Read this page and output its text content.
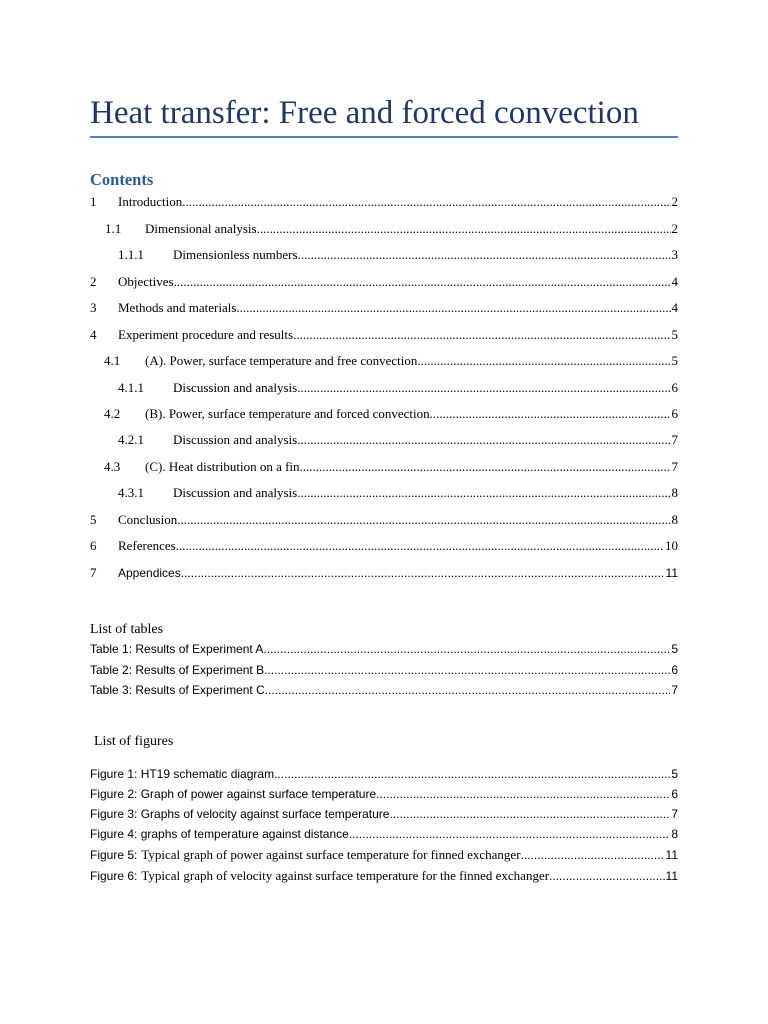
Heat transfer: Free and forced convection
Contents
1	Introduction .....	2
1.1	Dimensional analysis .....	2
1.1.1	Dimensionless numbers .....	3
2	Objectives .....	4
3	Methods and materials .....	4
4	Experiment procedure and results .....	5
4.1	(A). Power, surface temperature and free convection .....	5
4.1.1	Discussion and analysis .....	6
4.2	(B). Power, surface temperature and forced convection .....	6
4.2.1	Discussion and analysis .....	7
4.3	(C). Heat distribution on a fin .....	7
4.3.1	Discussion and analysis .....	8
5	Conclusion .....	8
6	References .....	10
7	Appendices .....	11
List of tables
Table 1: Results of Experiment A .....	5
Table 2: Results of Experiment B .....	6
Table 3: Results of Experiment C .....	7
List of figures
Figure 1: HT19 schematic diagram .....	5
Figure 2: Graph of power against surface temperature .....	6
Figure 3: Graphs of velocity against surface temperature .....	7
Figure 4: graphs of temperature against distance .....	8
Figure 5: Typical graph of power against surface temperature for finned exchanger .....	11
Figure 6: Typical graph of velocity against surface temperature for the finned exchanger .....	11
